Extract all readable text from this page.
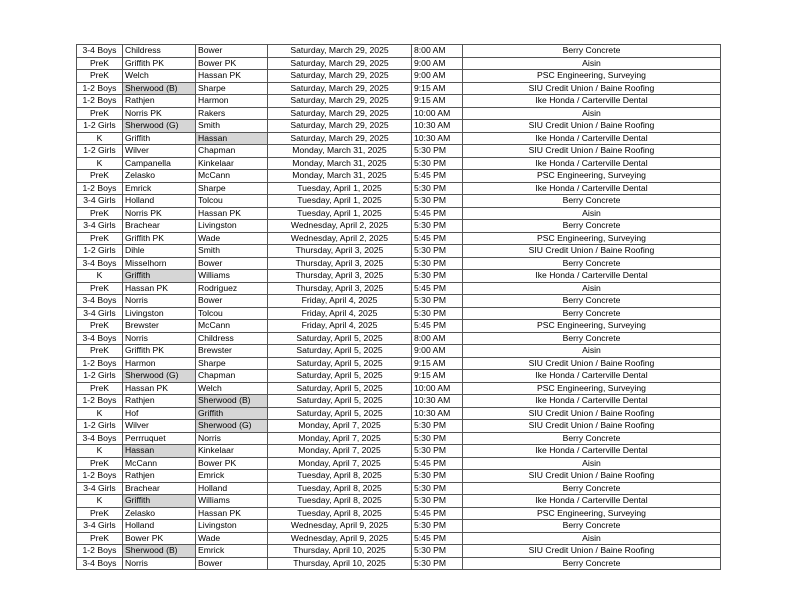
3-4 Boys	Childress	Bower	Saturday, March 29, 2025	8:00 AM	Berry Concrete
PreK	Griffith PK	Bower PK	Saturday, March 29, 2025	9:00 AM	Aisin
PreK	Welch	Hassan PK	Saturday, March 29, 2025	9:00 AM	PSC Engineering, Surveying
1-2 Boys	Sherwood (B)	Sharpe	Saturday, March 29, 2025	9:15 AM	SIU Credit Union / Baine Roofing
1-2 Boys	Rathjen	Harmon	Saturday, March 29, 2025	9:15 AM	Ike Honda / Carterville Dental
PreK	Norris PK	Rakers	Saturday, March 29, 2025	10:00 AM	Aisin
1-2 Girls	Sherwood (G)	Smith	Saturday, March 29, 2025	10:30 AM	SIU Credit Union / Baine Roofing
K	Griffith	Hassan	Saturday, March 29, 2025	10:30 AM	Ike Honda / Carterville Dental
1-2 Girls	Wilver	Chapman	Monday, March 31, 2025	5:30 PM	SIU Credit Union / Baine Roofing
K	Campanella	Kinkelaar	Monday, March 31, 2025	5:30 PM	Ike Honda / Carterville Dental
PreK	Zelasko	McCann	Monday, March 31, 2025	5:45 PM	PSC Engineering, Surveying
1-2 Boys	Emrick	Sharpe	Tuesday, April 1, 2025	5:30 PM	Ike Honda / Carterville Dental
3-4 Girls	Holland	Tolcou	Tuesday, April 1, 2025	5:30 PM	Berry Concrete
PreK	Norris PK	Hassan PK	Tuesday, April 1, 2025	5:45 PM	Aisin
3-4 Girls	Brachear	Livingston	Wednesday, April 2, 2025	5:30 PM	Berry Concrete
PreK	Griffith PK	Wade	Wednesday, April 2, 2025	5:45 PM	PSC Engineering, Surveying
1-2 Girls	Dihle	Smith	Thursday, April 3, 2025	5:30 PM	SIU Credit Union / Baine Roofing
3-4 Boys	Misselhorn	Bower	Thursday, April 3, 2025	5:30 PM	Berry Concrete
K	Griffith	Williams	Thursday, April 3, 2025	5:30 PM	Ike Honda / Carterville Dental
PreK	Hassan PK	Rodriguez	Thursday, April 3, 2025	5:45 PM	Aisin
3-4 Boys	Norris	Bower	Friday, April 4, 2025	5:30 PM	Berry Concrete
3-4 Girls	Livingston	Tolcou	Friday, April 4, 2025	5:30 PM	Berry Concrete
PreK	Brewster	McCann	Friday, April 4, 2025	5:45 PM	PSC Engineering, Surveying
3-4 Boys	Norris	Childress	Saturday, April 5, 2025	8:00 AM	Berry Concrete
PreK	Griffith PK	Brewster	Saturday, April 5, 2025	9:00 AM	Aisin
1-2 Boys	Harmon	Sharpe	Saturday, April 5, 2025	9:15 AM	SIU Credit Union / Baine Roofing
1-2 Girls	Sherwood (G)	Chapman	Saturday, April 5, 2025	9:15 AM	Ike Honda / Carterville Dental
PreK	Hassan PK	Welch	Saturday, April 5, 2025	10:00 AM	PSC Engineering, Surveying
1-2 Boys	Rathjen	Sherwood (B)	Saturday, April 5, 2025	10:30 AM	Ike Honda / Carterville Dental
K	Hof	Griffith	Saturday, April 5, 2025	10:30 AM	SIU Credit Union / Baine Roofing
1-2 Girls	Wilver	Sherwood (G)	Monday, April 7, 2025	5:30 PM	SIU Credit Union / Baine Roofing
3-4 Boys	Perrruquet	Norris	Monday, April 7, 2025	5:30 PM	Berry Concrete
K	Hassan	Kinkelaar	Monday, April 7, 2025	5:30 PM	Ike Honda / Carterville Dental
PreK	McCann	Bower PK	Monday, April 7, 2025	5:45 PM	Aisin
1-2 Boys	Rathjen	Emrick	Tuesday, April 8, 2025	5:30 PM	SIU Credit Union / Baine Roofing
3-4 Girls	Brachear	Holland	Tuesday, April 8, 2025	5:30 PM	Berry Concrete
K	Griffith	Williams	Tuesday, April 8, 2025	5:30 PM	Ike Honda / Carterville Dental
PreK	Zelasko	Hassan PK	Tuesday, April 8, 2025	5:45 PM	PSC Engineering, Surveying
3-4 Girls	Holland	Livingston	Wednesday, April 9, 2025	5:30 PM	Berry Concrete
PreK	Bower PK	Wade	Wednesday, April 9, 2025	5:45 PM	Aisin
1-2 Boys	Sherwood (B)	Emrick	Thursday, April 10, 2025	5:30 PM	SIU Credit Union / Baine Roofing
3-4 Boys	Norris	Bower	Thursday, April 10, 2025	5:30 PM	Berry Concrete
